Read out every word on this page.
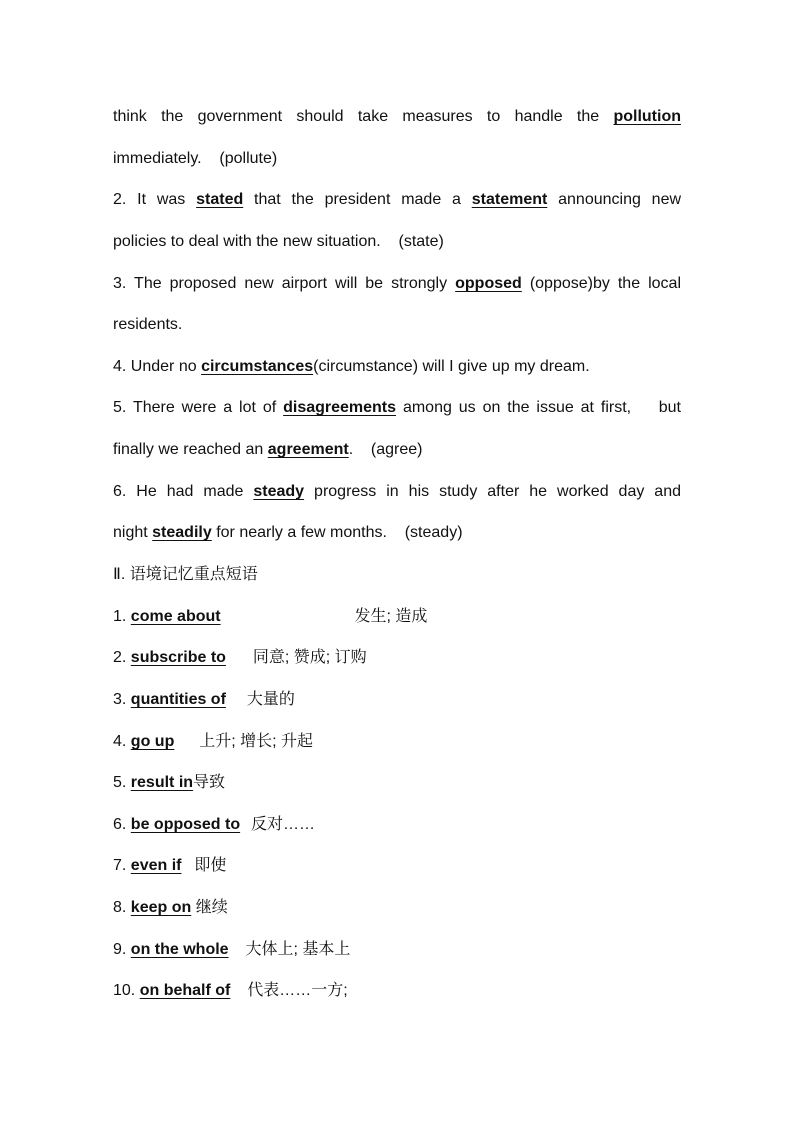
think the government should take measures to handle the pollution
immediately.    (pollute)
2. It was stated that the president made a statement announcing new
policies to deal with the new situation.    (state)
3. The proposed new airport will be strongly opposed (oppose)by the local
residents.
4. Under no circumstances(circumstance) will I give up my dream.
5. There were a lot of disagreements among us on the issue at first,    but
finally we reached an agreement.    (agree)
6. He had made steady progress in his study after he worked day and
night steadily for nearly a few months.    (steady)
Ⅱ. 语境记忆重点短语
1. come about	发生; 造成
2. subscribe to 同意; 赞成; 订购
3. quantities of 大量的
4. go up 上升; 增长; 升起
5. result in导致
6. be opposed to 反对……
7. even if 即使
8. keep on 继续
9. on the whole 大体上; 基本上
10. on behalf of 代表……一方;
